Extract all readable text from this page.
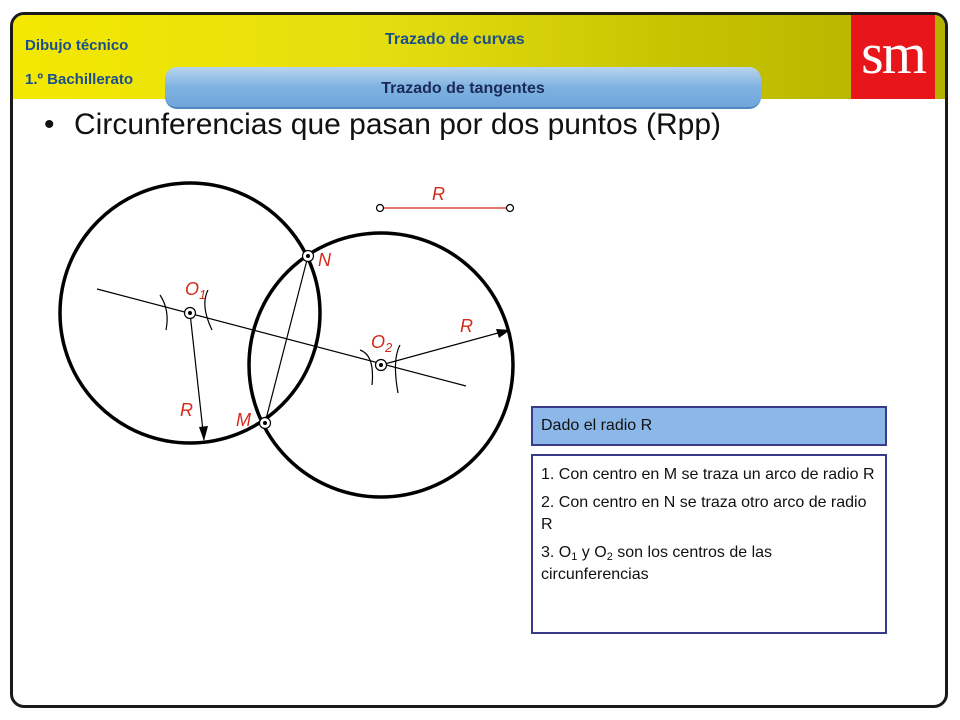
Dibujo técnico
1.º Bachillerato
Trazado de curvas	sm
Trazado de tangentes
• Circunferencias que pasan por dos puntos (Rpp)
R
N
M
$O_1$
$O_2$
R
R
Dado el radio R
1. Con centro en M se traza un arco de radio R
2. Con centro en N se traza otro arco de radio R
3. $O_1$ y $O_2$ son los centros de las circunferencias
